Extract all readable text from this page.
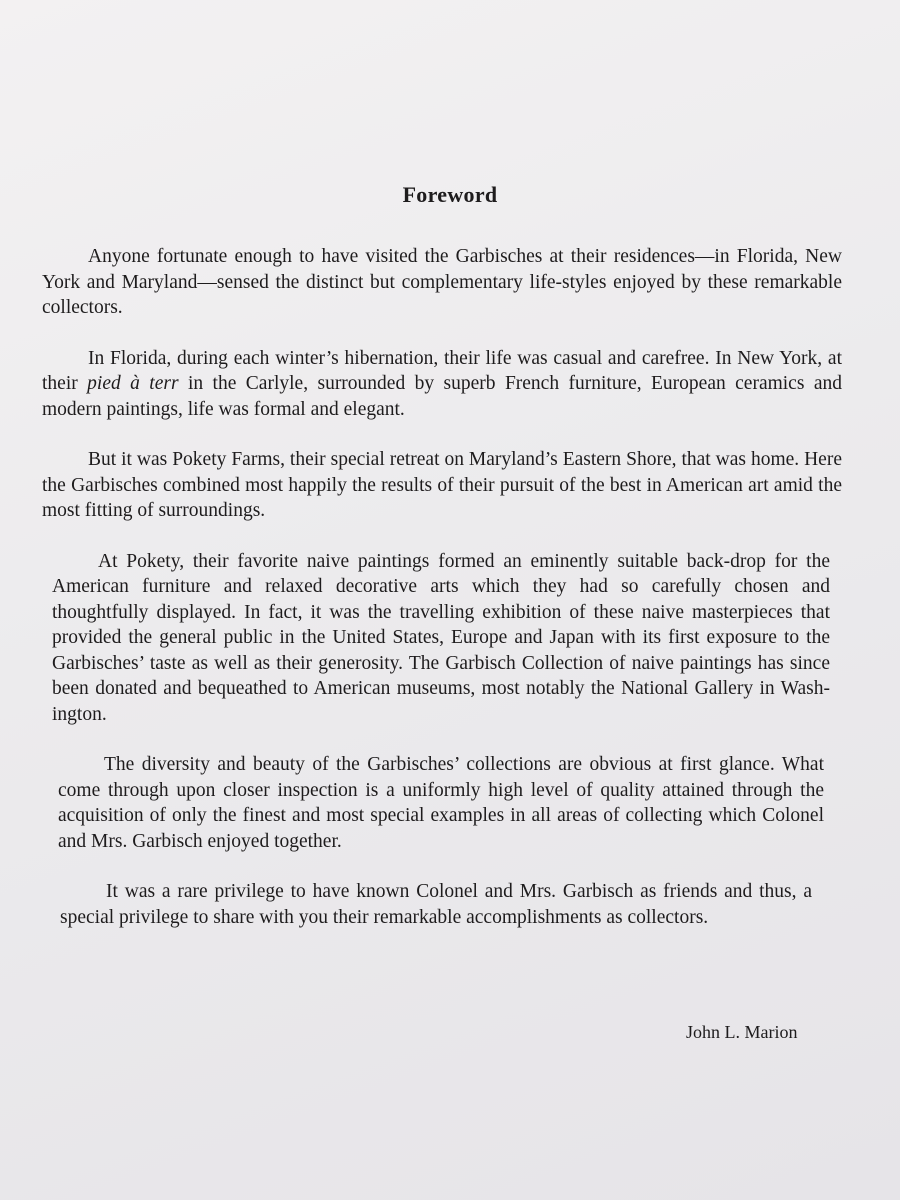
Foreword

Anyone fortunate enough to have visited the Garbisches at their residences—in Florida, New York and Maryland—sensed the distinct but complementary life-styles enjoyed by these remarkable collectors.

In Florida, during each winter’s hibernation, their life was casual and carefree. In New York, at their pied à terr in the Carlyle, surrounded by superb French furniture, European ceramics and modern paintings, life was formal and elegant.

But it was Pokety Farms, their special retreat on Maryland’s Eastern Shore, that was home. Here the Garbisches combined most happily the results of their pursuit of the best in American art amid the most fitting of surroundings.

At Pokety, their favorite naive paintings formed an eminently suitable back-drop for the American furniture and relaxed decorative arts which they had so carefully chosen and thoughtfully displayed. In fact, it was the travelling exhibition of these naive masterpieces that provided the general public in the United States, Europe and Japan with its first exposure to the Garbisches’ taste as well as their generosity. The Garbisch Collection of naive paintings has since been donated and bequeathed to American museums, most notably the National Gallery in Wash-ington.

The diversity and beauty of the Garbisches’ collections are obvious at first glance. What come through upon closer inspection is a uniformly high level of quality attained through the acquisition of only the finest and most special examples in all areas of collecting which Colonel and Mrs. Garbisch enjoyed together.

It was a rare privilege to have known Colonel and Mrs. Garbisch as friends and thus, a special privilege to share with you their remarkable accomplishments as collectors.

John L. Marion
